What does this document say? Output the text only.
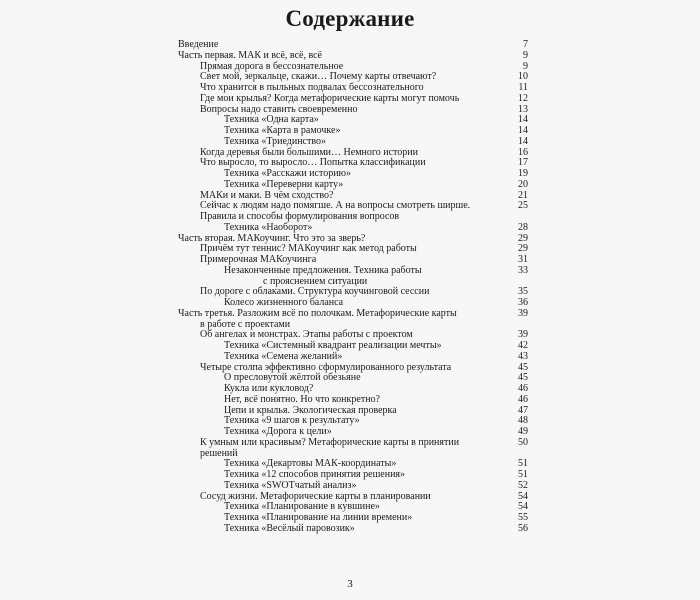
Содержание
Введение	7
Часть первая. МАК и всё, всё, всё	9
Прямая дорога в бессознательное	9
Свет мой, зеркальце, скажи… Почему карты отвечают?	10
Что хранится в пыльных подвалах бессознательного	11
Где мои крылья? Когда метафорические карты могут помочь	12
Вопросы надо ставить своевременно	13
Техника «Одна карта»	14
Техника «Карта в рамочке»	14
Техника «Триединство»	14
Когда деревья были большими… Немного истории	16
Что выросло, то выросло… Попытка классификации	17
Техника «Расскажи историю»	19
Техника «Переверни карту»	20
МАКи и маки. В чём сходство?	21
Сейчас к людям надо помягше. А на вопросы смотреть ширше.	25
Правила и способы формулирования вопросов
Техника «Наоборот»	28
Часть вторая. МАКоучинг. Что это за зверь?	29
Причём тут теннис? МАКоучинг как метод работы	29
Примерочная МАКоучинга	31
Незаконченные предложения. Техника работы	33
с прояснением ситуации
По дороге с облаками. Структура коучинговой сессии	35
Колесо жизненного баланса	36
Часть третья. Разложим всё по полочкам. Метафорические карты	39
в работе с проектами
Об ангелах и монстрах. Этапы работы с проектом	39
Техника «Системный квадрант реализации мечты»	42
Техника «Семена желаний»	43
Четыре столпа эффективно сформулированного результата	45
О пресловутой жёлтой обезьяне	45
Кукла или кукловод?	46
Нет, всё понятно. Но что конкретно?	46
Цепи и крылья. Экологическая проверка	47
Техника «9 шагов к результату»	48
Техника «Дорога к цели»	49
К умным или красивым? Метафорические карты в принятии	50
решений
Техника «Декартовы МАК-координаты»	51
Техника «12 способов принятия решения»	51
Техника «SWOTчатый анализ»	52
Сосуд жизни. Метафорические карты в планировании	54
Техника «Планирование в кувшине»	54
Техника «Планирование на линии времени»	55
Техника «Весёлый паровозик»	56
3
